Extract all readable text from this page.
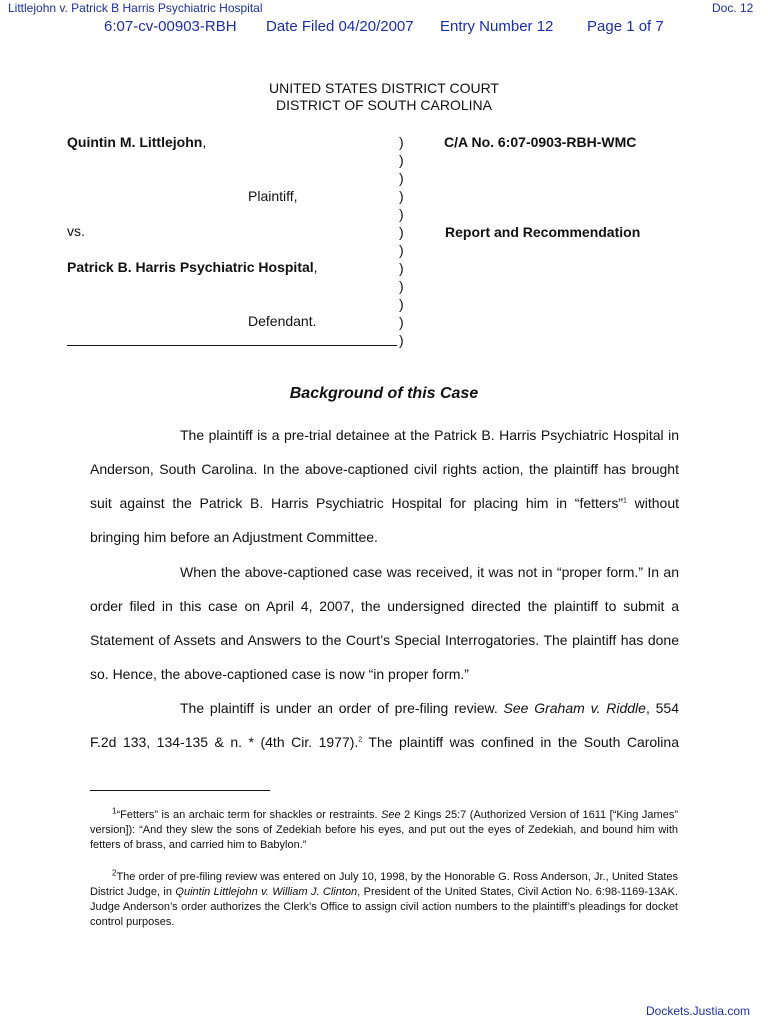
Littlejohn v. Patrick B Harris Psychiatric Hospital	Doc. 12
6:07-cv-00903-RBH Date Filed 04/20/2007 Entry Number 12 Page 1 of 7
UNITED STATES DISTRICT COURT
DISTRICT OF SOUTH CAROLINA
Quintin M. Littlejohn,
Plaintiff,
vs.
Patrick B. Harris Psychiatric Hospital,
Defendant.
)
)
)
)
)
)
)
)
)
)
)
)
C/A No. 6:07-0903-RBH-WMC
Report and Recommendation
Background of this Case
The plaintiff is a pre-trial detainee at the Patrick B. Harris Psychiatric Hospital in
Anderson, South Carolina. In the above-captioned civil rights action, the plaintiff has brought
suit against the Patrick B. Harris Psychiatric Hospital for placing him in “fetters”$^1$ without
bringing him before an Adjustment Committee.
When the above-captioned case was received, it was not in “proper form.” In an
order filed in this case on April 4, 2007, the undersigned directed the plaintiff to submit a
Statement of Assets and Answers to the Court’s Special Interrogatories. The plaintiff has done
so. Hence, the above-captioned case is now “in proper form.”
The plaintiff is under an order of pre-filing review. See Graham v. Riddle, 554
F.2d 133, 134-135 & n. * (4th Cir. 1977).$^2$ The plaintiff was confined in the South Carolina
$^1$“Fetters” is an archaic term for shackles or restraints. See 2 Kings 25:7 (Authorized Version of 1611 [“King James” version]): “And they slew the sons of Zedekiah before his eyes, and put out the eyes of Zedekiah, and bound him with fetters of brass, and carried him to Babylon.”
$^2$The order of pre-filing review was entered on July 10, 1998, by the Honorable G. Ross Anderson, Jr., United States District Judge, in Quintin Littlejohn v. William J. Clinton, President of the United States, Civil Action No. 6:98-1169-13AK. Judge Anderson’s order authorizes the Clerk’s Office to assign civil action numbers to the plaintiff’s pleadings for docket control purposes.
Dockets.Justia.com
